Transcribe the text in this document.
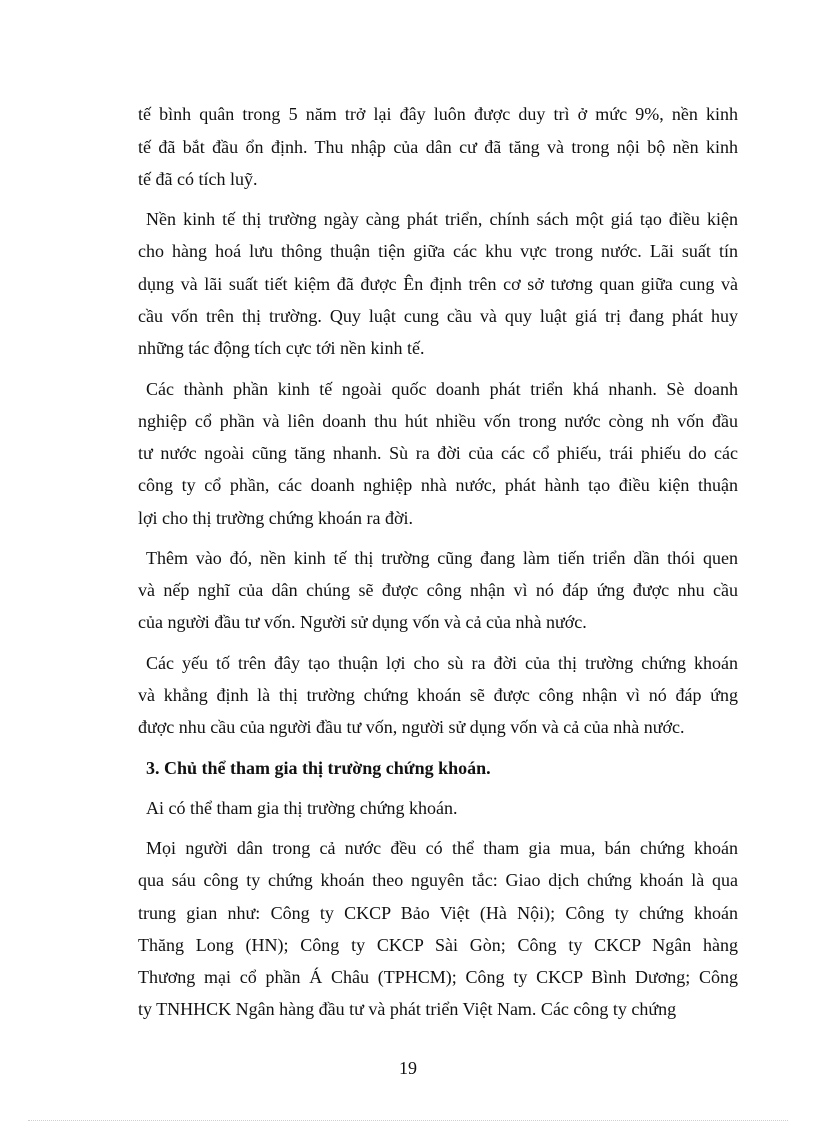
tế bình quân trong 5 năm trở lại đây luôn được duy trì ở mức 9%, nền kinh
tế đã bắt đầu ổn định. Thu nhập của dân cư đã tăng và trong nội bộ nền kinh
tế đã có tích luỹ.
Nền kinh tế thị trường ngày càng phát triển, chính sách một giá tạo điều kiện
cho hàng hoá lưu thông thuận tiện giữa các khu vực trong nước. Lãi suất tín
dụng và lãi suất tiết kiệm đã được Ên định trên cơ sở tương quan giữa cung và
cầu vốn trên thị trường. Quy luật cung cầu và quy luật giá trị đang phát huy
những tác động tích cực tới nền kinh tế.
Các thành phần kinh tế ngoài quốc doanh phát triển khá nhanh. Sè doanh
nghiệp cổ phần và liên doanh thu hút nhiều vốn trong nước còng nh vốn đầu
tư nước ngoài cũng tăng nhanh. Sù ra đời của các cổ phiếu, trái phiếu do các
công ty cổ phần, các doanh nghiệp nhà nước, phát hành tạo điều kiện thuận
lợi cho thị trường chứng khoán ra đời.
Thêm vào đó, nền kinh tế thị trường cũng đang làm tiến triển dần thói quen
và nếp nghĩ của dân chúng sẽ được công nhận vì nó đáp ứng được nhu cầu
của người đầu tư vốn. Người sử dụng vốn và cả của nhà nước.
Các yếu tố trên đây tạo thuận lợi cho sù ra đời của thị trường chứng khoán
và khẳng định là thị trường chứng khoán sẽ được công nhận vì nó đáp ứng
được nhu cầu của người đầu tư vốn, người sử dụng vốn và cả của nhà nước.
3. Chủ thể tham gia thị trường chứng khoán.
Ai có thể tham gia thị trường chứng khoán.
Mọi người dân trong cả nước đều có thể tham gia mua, bán chứng khoán
qua sáu công ty chứng khoán theo nguyên tắc: Giao dịch chứng khoán là qua
trung gian như: Công ty CKCP Bảo Việt (Hà Nội); Công ty chứng khoán
Thăng Long (HN); Công ty CKCP Sài Gòn; Công ty CKCP Ngân hàng
Thương mại cổ phần Á Châu (TPHCM); Công ty CKCP Bình Dương; Công
ty TNHHCK Ngân hàng đầu tư và phát triển Việt Nam. Các công ty chứng
19
